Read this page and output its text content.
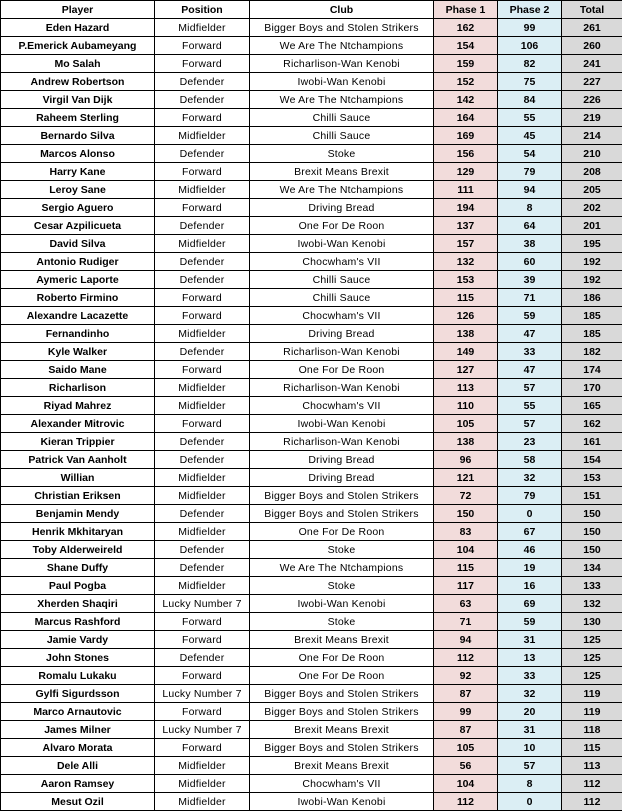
Player	Position	Club	Phase 1	Phase 2	Total
Eden Hazard	Midfielder	Bigger Boys and Stolen Strikers	162	99	261
P.Emerick Aubameyang	Forward	We Are The Ntchampions	154	106	260
Mo Salah	Forward	Richarlison-Wan Kenobi	159	82	241
Andrew Robertson	Defender	Iwobi-Wan Kenobi	152	75	227
Virgil Van Dijk	Defender	We Are The Ntchampions	142	84	226
Raheem Sterling	Forward	Chilli Sauce	164	55	219
Bernardo Silva	Midfielder	Chilli Sauce	169	45	214
Marcos Alonso	Defender	Stoke	156	54	210
Harry Kane	Forward	Brexit Means Brexit	129	79	208
Leroy Sane	Midfielder	We Are The Ntchampions	111	94	205
Sergio Aguero	Forward	Driving Bread	194	8	202
Cesar Azpilicueta	Defender	One For De Roon	137	64	201
David Silva	Midfielder	Iwobi-Wan Kenobi	157	38	195
Antonio Rudiger	Defender	Chocwham's VII	132	60	192
Aymeric Laporte	Defender	Chilli Sauce	153	39	192
Roberto Firmino	Forward	Chilli Sauce	115	71	186
Alexandre Lacazette	Forward	Chocwham's VII	126	59	185
Fernandinho	Midfielder	Driving Bread	138	47	185
Kyle Walker	Defender	Richarlison-Wan Kenobi	149	33	182
Saido Mane	Forward	One For De Roon	127	47	174
Richarlison	Midfielder	Richarlison-Wan Kenobi	113	57	170
Riyad Mahrez	Midfielder	Chocwham's VII	110	55	165
Alexander Mitrovic	Forward	Iwobi-Wan Kenobi	105	57	162
Kieran Trippier	Defender	Richarlison-Wan Kenobi	138	23	161
Patrick Van Aanholt	Defender	Driving Bread	96	58	154
Willian	Midfielder	Driving Bread	121	32	153
Christian Eriksen	Midfielder	Bigger Boys and Stolen Strikers	72	79	151
Benjamin Mendy	Defender	Bigger Boys and Stolen Strikers	150	0	150
Henrik Mkhitaryan	Midfielder	One For De Roon	83	67	150
Toby Alderweireld	Defender	Stoke	104	46	150
Shane Duffy	Defender	We Are The Ntchampions	115	19	134
Paul Pogba	Midfielder	Stoke	117	16	133
Xherden Shaqiri	Lucky Number 7	Iwobi-Wan Kenobi	63	69	132
Marcus Rashford	Forward	Stoke	71	59	130
Jamie Vardy	Forward	Brexit Means Brexit	94	31	125
John Stones	Defender	One For De Roon	112	13	125
Romalu Lukaku	Forward	One For De Roon	92	33	125
Gylfi Sigurdsson	Lucky Number 7	Bigger Boys and Stolen Strikers	87	32	119
Marco Arnautovic	Forward	Bigger Boys and Stolen Strikers	99	20	119
James Milner	Lucky Number 7	Brexit Means Brexit	87	31	118
Alvaro Morata	Forward	Bigger Boys and Stolen Strikers	105	10	115
Dele Alli	Midfielder	Brexit Means Brexit	56	57	113
Aaron Ramsey	Midfielder	Chocwham's VII	104	8	112
Mesut Ozil	Midfielder	Iwobi-Wan Kenobi	112	0	112
